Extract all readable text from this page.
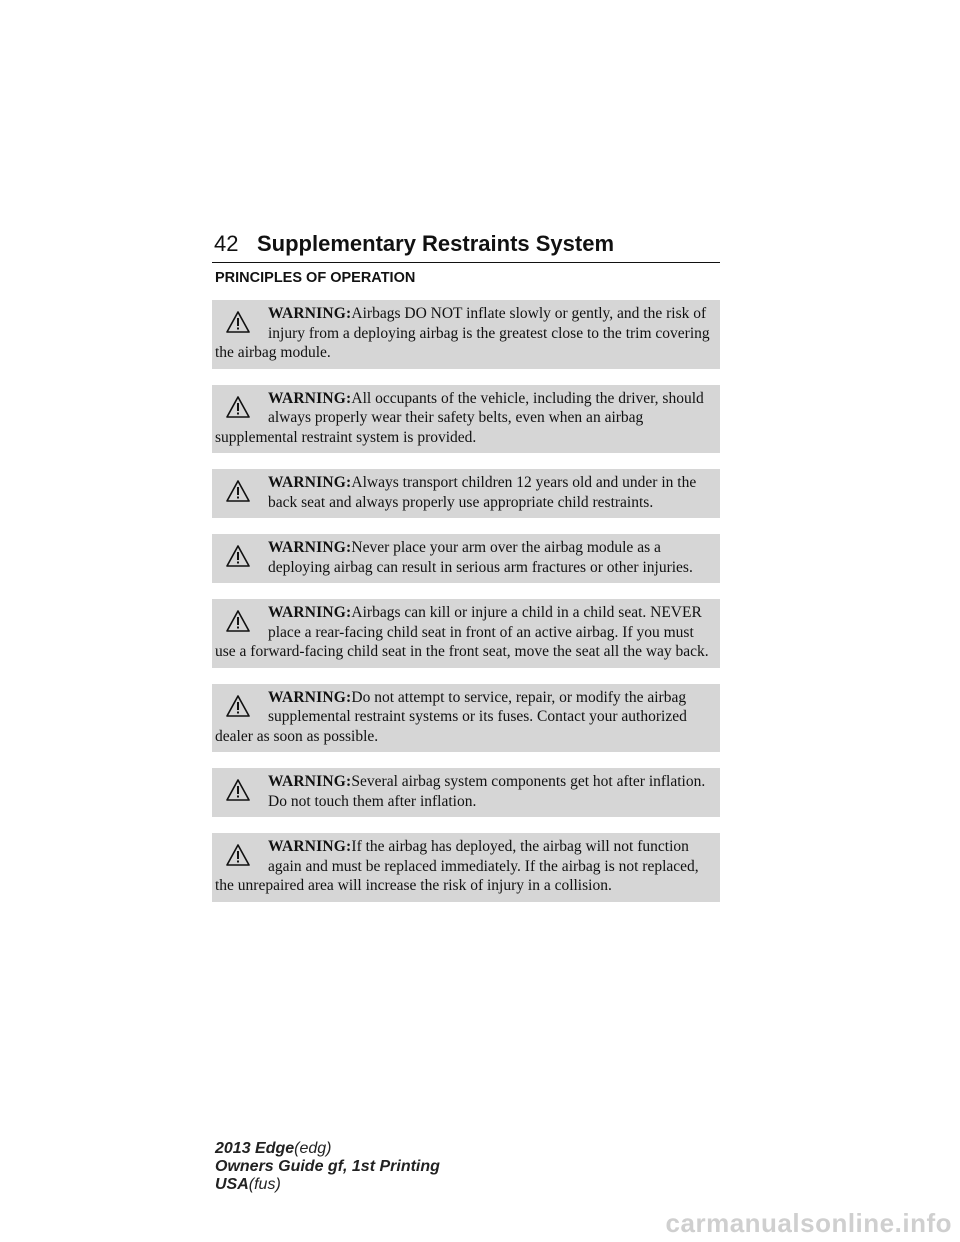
42 Supplementary Restraints System
PRINCIPLES OF OPERATION
WARNING:Airbags DO NOT inflate slowly or gently, and the risk of injury from a deploying airbag is the greatest close to the trim covering the airbag module.
WARNING:All occupants of the vehicle, including the driver, should always properly wear their safety belts, even when an airbag supplemental restraint system is provided.
WARNING:Always transport children 12 years old and under in the back seat and always properly use appropriate child restraints.
WARNING:Never place your arm over the airbag module as a deploying airbag can result in serious arm fractures or other injuries.
WARNING:Airbags can kill or injure a child in a child seat. NEVER place a rear-facing child seat in front of an active airbag. If you must use a forward-facing child seat in the front seat, move the seat all the way back.
WARNING:Do not attempt to service, repair, or modify the airbag supplemental restraint systems or its fuses. Contact your authorized dealer as soon as possible.
WARNING:Several airbag system components get hot after inflation. Do not touch them after inflation.
WARNING:If the airbag has deployed, the airbag will not function again and must be replaced immediately. If the airbag is not replaced, the unrepaired area will increase the risk of injury in a collision.
2013 Edge(edg)
Owners Guide gf, 1st Printing
USA(fus)
carmanualsonline.info
